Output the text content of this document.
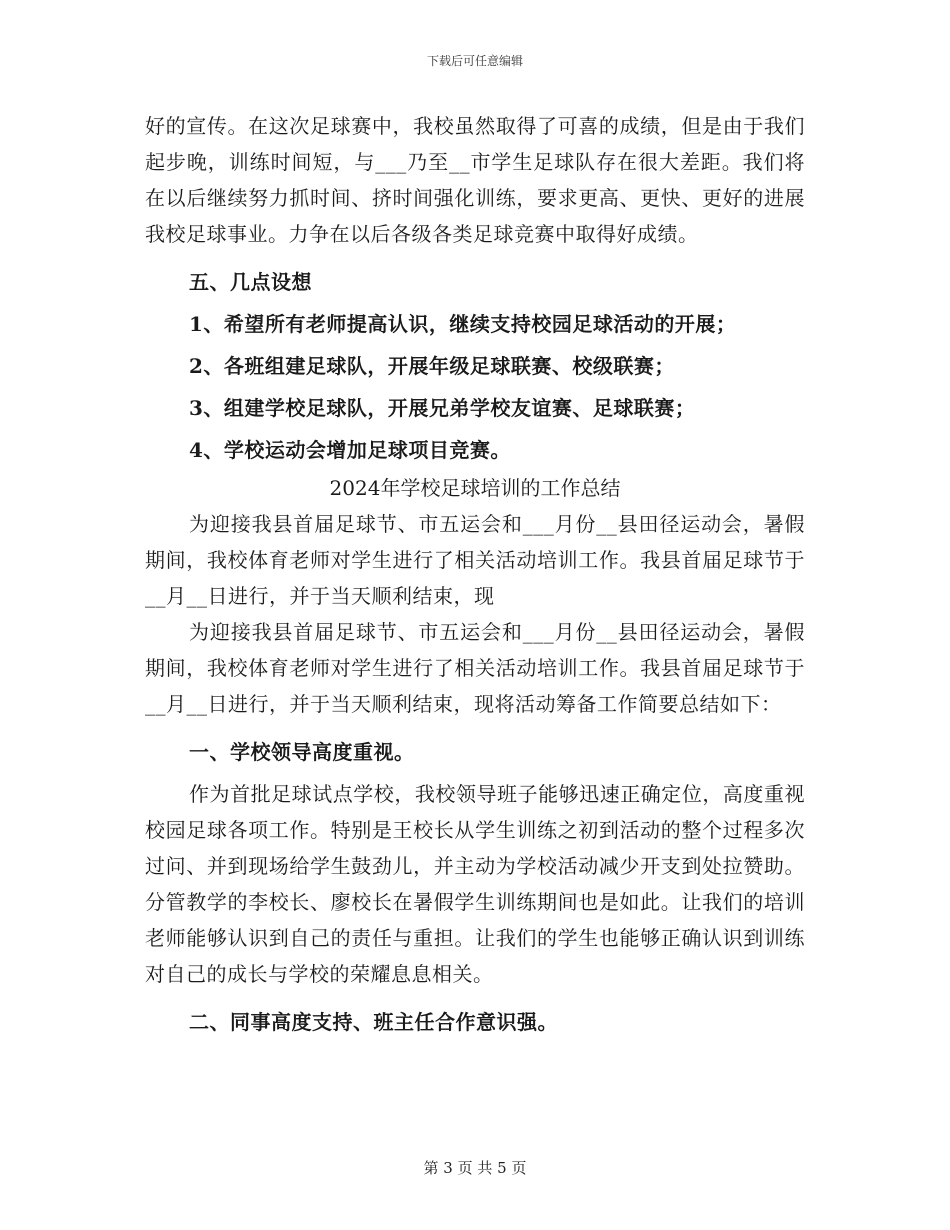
下载后可任意编辑

好的宣传。在这次足球赛中，我校虽然取得了可喜的成绩，但是由于我们起步晚，训练时间短，与___乃至__市学生足球队存在很大差距。我们将在以后继续努力抓时间、挤时间强化训练，要求更高、更快、更好的进展我校足球事业。力争在以后各级各类足球竞赛中取得好成绩。

五、几点设想

1、希望所有老师提高认识，继续支持校园足球活动的开展；

2、各班组建足球队，开展年级足球联赛、校级联赛；

3、组建学校足球队，开展兄弟学校友谊赛、足球联赛；

4、学校运动会增加足球项目竞赛。

2024年学校足球培训的工作总结

为迎接我县首届足球节、市五运会和___月份__县田径运动会，暑假期间，我校体育老师对学生进行了相关活动培训工作。我县首届足球节于__月__日进行，并于当天顺利结束，现

为迎接我县首届足球节、市五运会和___月份__县田径运动会，暑假期间，我校体育老师对学生进行了相关活动培训工作。我县首届足球节于__月__日进行，并于当天顺利结束，现将活动筹备工作简要总结如下：

一、学校领导高度重视。

作为首批足球试点学校，我校领导班子能够迅速正确定位，高度重视校园足球各项工作。特别是王校长从学生训练之初到活动的整个过程多次过问、并到现场给学生鼓劲儿，并主动为学校活动减少开支到处拉赞助。分管教学的李校长、廖校长在暑假学生训练期间也是如此。让我们的培训老师能够认识到自己的责任与重担。让我们的学生也能够正确认识到训练对自己的成长与学校的荣耀息息相关。

二、同事高度支持、班主任合作意识强。

第 3 页 共 5 页
